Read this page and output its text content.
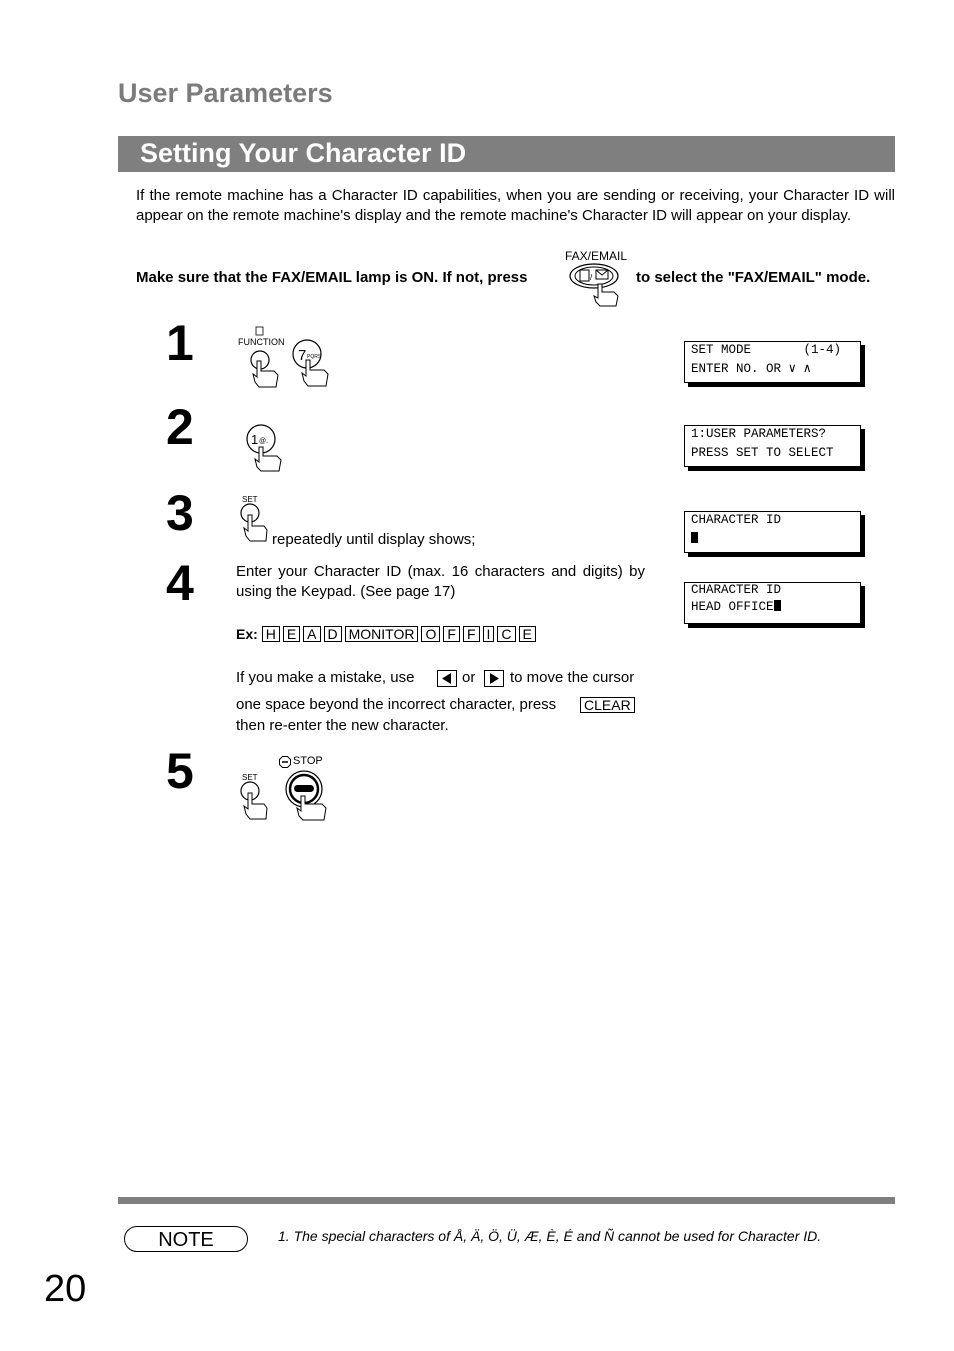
User Parameters
Setting Your Character ID
If the remote machine has a Character ID capabilities, when you are sending or receiving, your Character ID will appear on the remote machine's display and the remote machine's Character ID will appear on your display.
Make sure that the FAX/EMAIL lamp is ON. If not, press
FAX/EMAIL
/	to select the "FAX/EMAIL" mode.
1	FUNCTION
7 PQRS	SET MODE       (1-4)
ENTER NO. OR ∨ ∧
2	1 @.
1:USER PARAMETERS?
PRESS SET TO SELECT
3	SET
repeatedly until display shows;
CHARACTER ID
4	Enter your Character ID (max. 16 characters and digits) by using the Keypad. (See page 17)
Ex: H E A D MONITOR O F F I C E
If you make a mistake, use	or to move the cursor
one space beyond the incorrect character, press CLEAR
then re-enter the new character.
CHARACTER ID
HEAD OFFICE
5	SET
STOP
NOTE	1. The special characters of Å, Ä, Ö, Ü, Æ, È, É and Ñ cannot be used for Character ID.
20
